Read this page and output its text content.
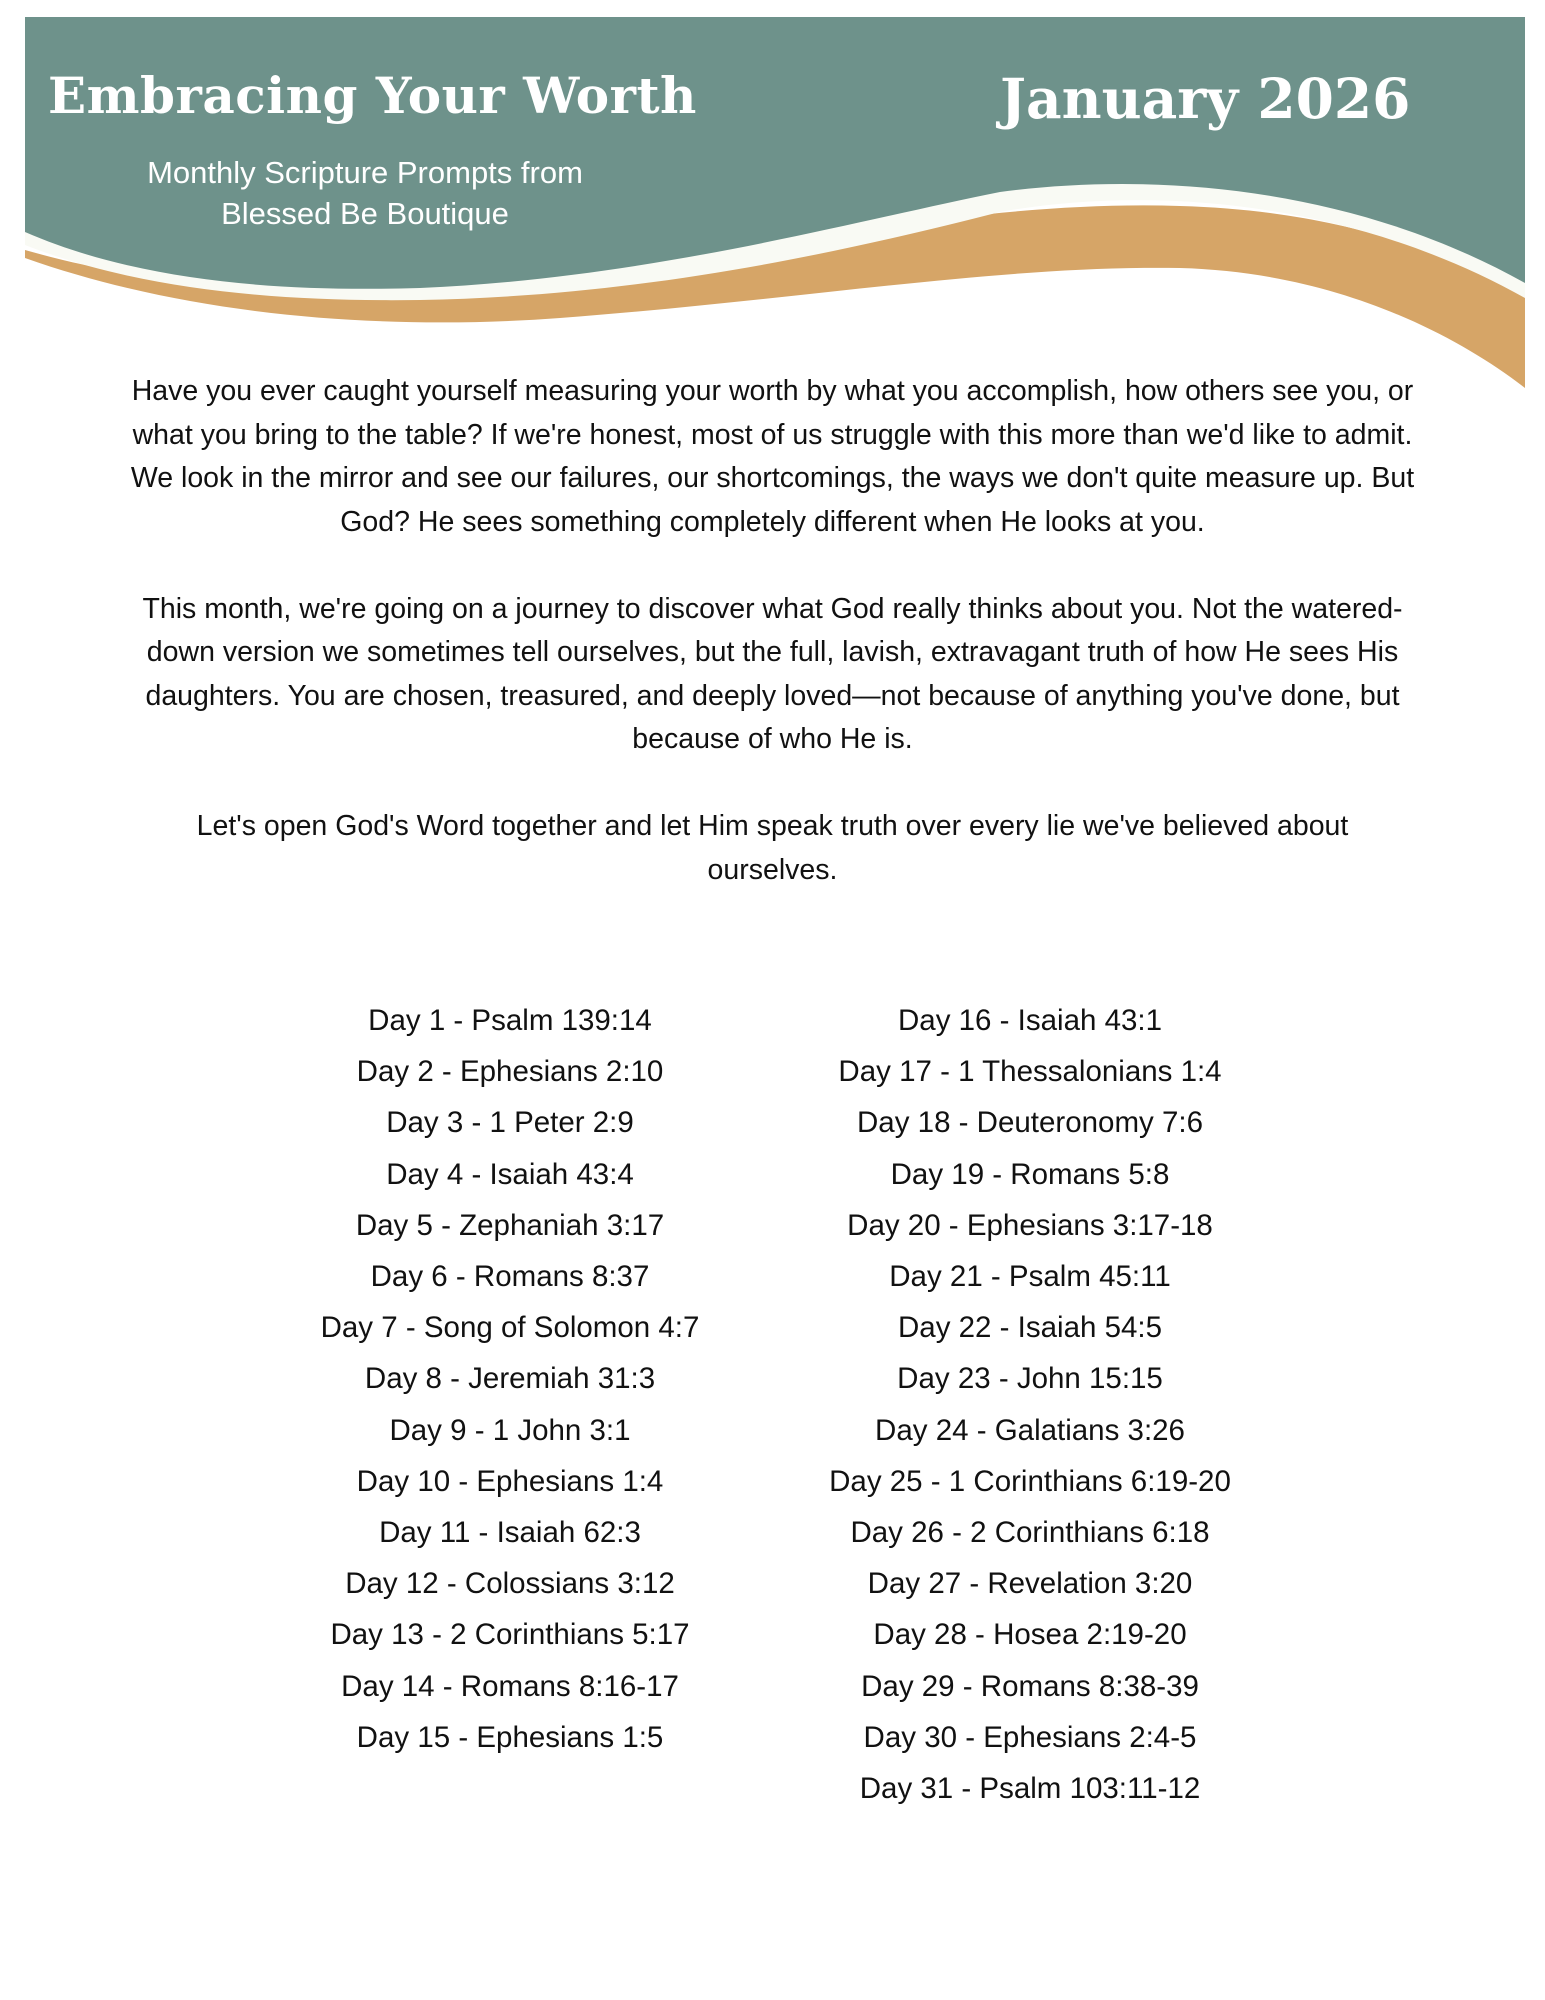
Embracing Your Worth
Monthly Scripture Prompts from
Blessed Be Boutique
January 2026

Have you ever caught yourself measuring your worth by what you accomplish, how others see you, or what you bring to the table? If we're honest, most of us struggle with this more than we'd like to admit. We look in the mirror and see our failures, our shortcomings, the ways we don't quite measure up. But God? He sees something completely different when He looks at you.

This month, we're going on a journey to discover what God really thinks about you. Not the watered-down version we sometimes tell ourselves, but the full, lavish, extravagant truth of how He sees His daughters. You are chosen, treasured, and deeply loved—not because of anything you've done, but because of who He is.

Let's open God's Word together and let Him speak truth over every lie we've believed about ourselves.

Day 1 - Psalm 139:14
Day 2 - Ephesians 2:10
Day 3 - 1 Peter 2:9
Day 4 - Isaiah 43:4
Day 5 - Zephaniah 3:17
Day 6 - Romans 8:37
Day 7 - Song of Solomon 4:7
Day 8 - Jeremiah 31:3
Day 9 - 1 John 3:1
Day 10 - Ephesians 1:4
Day 11 - Isaiah 62:3
Day 12 - Colossians 3:12
Day 13 - 2 Corinthians 5:17
Day 14 - Romans 8:16-17
Day 15 - Ephesians 1:5
Day 16 - Isaiah 43:1
Day 17 - 1 Thessalonians 1:4
Day 18 - Deuteronomy 7:6
Day 19 - Romans 5:8
Day 20 - Ephesians 3:17-18
Day 21 - Psalm 45:11
Day 22 - Isaiah 54:5
Day 23 - John 15:15
Day 24 - Galatians 3:26
Day 25 - 1 Corinthians 6:19-20
Day 26 - 2 Corinthians 6:18
Day 27 - Revelation 3:20
Day 28 - Hosea 2:19-20
Day 29 - Romans 8:38-39
Day 30 - Ephesians 2:4-5
Day 31 - Psalm 103:11-12
